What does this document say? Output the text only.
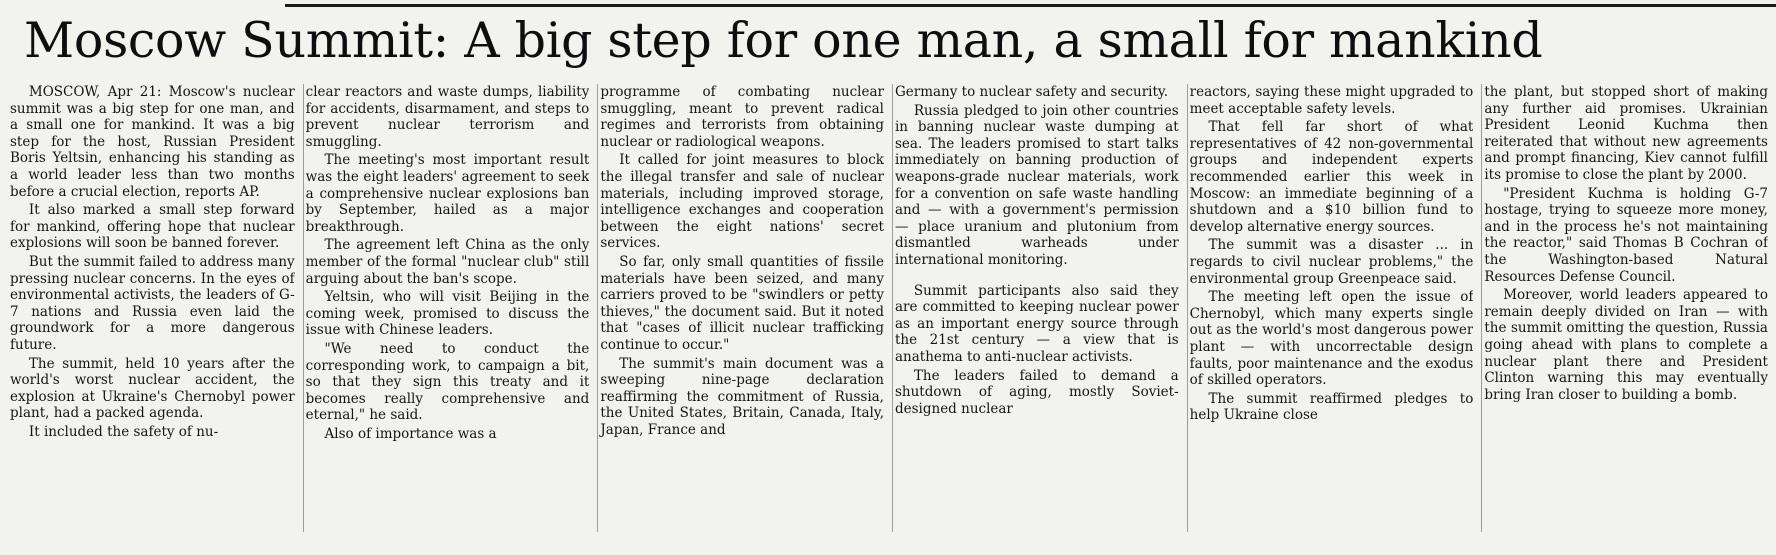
Moscow Summit: A big step for one man, a small for mankind

MOSCOW, Apr 21: Moscow's nuclear summit was a big step for one man, and a small one for mankind. It was a big step for the host, Russian President Boris Yeltsin, enhancing his standing as a world leader less than two months before a crucial election, reports AP.

It also marked a small step forward for mankind, offering hope that nuclear explosions will soon be banned forever.

But the summit failed to address many pressing nuclear concerns. In the eyes of environmental activists, the leaders of G-7 nations and Russia even laid the groundwork for a more dangerous future.

The summit, held 10 years after the world's worst nuclear accident, the explosion at Ukraine's Chernobyl power plant, had a packed agenda.

It included the safety of nu-

clear reactors and waste dumps, liability for accidents, disarmament, and steps to prevent nuclear terrorism and smuggling.

The meeting's most important result was the eight leaders' agreement to seek a comprehensive nuclear explosions ban by September, hailed as a major breakthrough.

The agreement left China as the only member of the formal "nuclear club" still arguing about the ban's scope.

Yeltsin, who will visit Beijing in the coming week, promised to discuss the issue with Chinese leaders.

"We need to conduct the corresponding work, to campaign a bit, so that they sign this treaty and it becomes really comprehensive and eternal," he said.

Also of importance was a

programme of combating nuclear smuggling, meant to prevent radical regimes and terrorists from obtaining nuclear or radiological weapons.

It called for joint measures to block the illegal transfer and sale of nuclear materials, including improved storage, intelligence exchanges and cooperation between the eight nations' secret services.

So far, only small quantities of fissile materials have been seized, and many carriers proved to be "swindlers or petty thieves," the document said. But it noted that "cases of illicit nuclear trafficking continue to occur."

The summit's main document was a sweeping nine-page declaration reaffirming the commitment of Russia, the United States, Britain, Canada, Italy, Japan, France and

Germany to nuclear safety and security.

Russia pledged to join other countries in banning nuclear waste dumping at sea. The leaders promised to start talks immediately on banning production of weapons-grade nuclear materials, work for a convention on safe waste handling and — with a government's permission — place uranium and plutonium from dismantled warheads under international monitoring.

Summit participants also said they are committed to keeping nuclear power as an important energy source through the 21st century — a view that is anathema to anti-nuclear activists.

The leaders failed to demand a shutdown of aging, mostly Soviet-designed nuclear

reactors, saying these might upgraded to meet acceptable safety levels.

That fell far short of what representatives of 42 non-governmental groups and independent experts recommended earlier this week in Moscow: an immediate beginning of a shutdown and a $10 billion fund to develop alternative energy sources.

The summit was a disaster ... in regards to civil nuclear problems," the environmental group Greenpeace said.

The meeting left open the issue of Chernobyl, which many experts single out as the world's most dangerous power plant — with uncorrectable design faults, poor maintenance and the exodus of skilled operators.

The summit reaffirmed pledges to help Ukraine close

the plant, but stopped short of making any further aid promises. Ukrainian President Leonid Kuchma then reiterated that without new agreements and prompt financing, Kiev cannot fulfill its promise to close the plant by 2000.

"President Kuchma is holding G-7 hostage, trying to squeeze more money, and in the process he's not maintaining the reactor," said Thomas B Cochran of the Washington-based Natural Resources Defense Council.

Moreover, world leaders appeared to remain deeply divided on Iran — with the summit omitting the question, Russia going ahead with plans to complete a nuclear plant there and President Clinton warning this may eventually bring Iran closer to building a bomb.
